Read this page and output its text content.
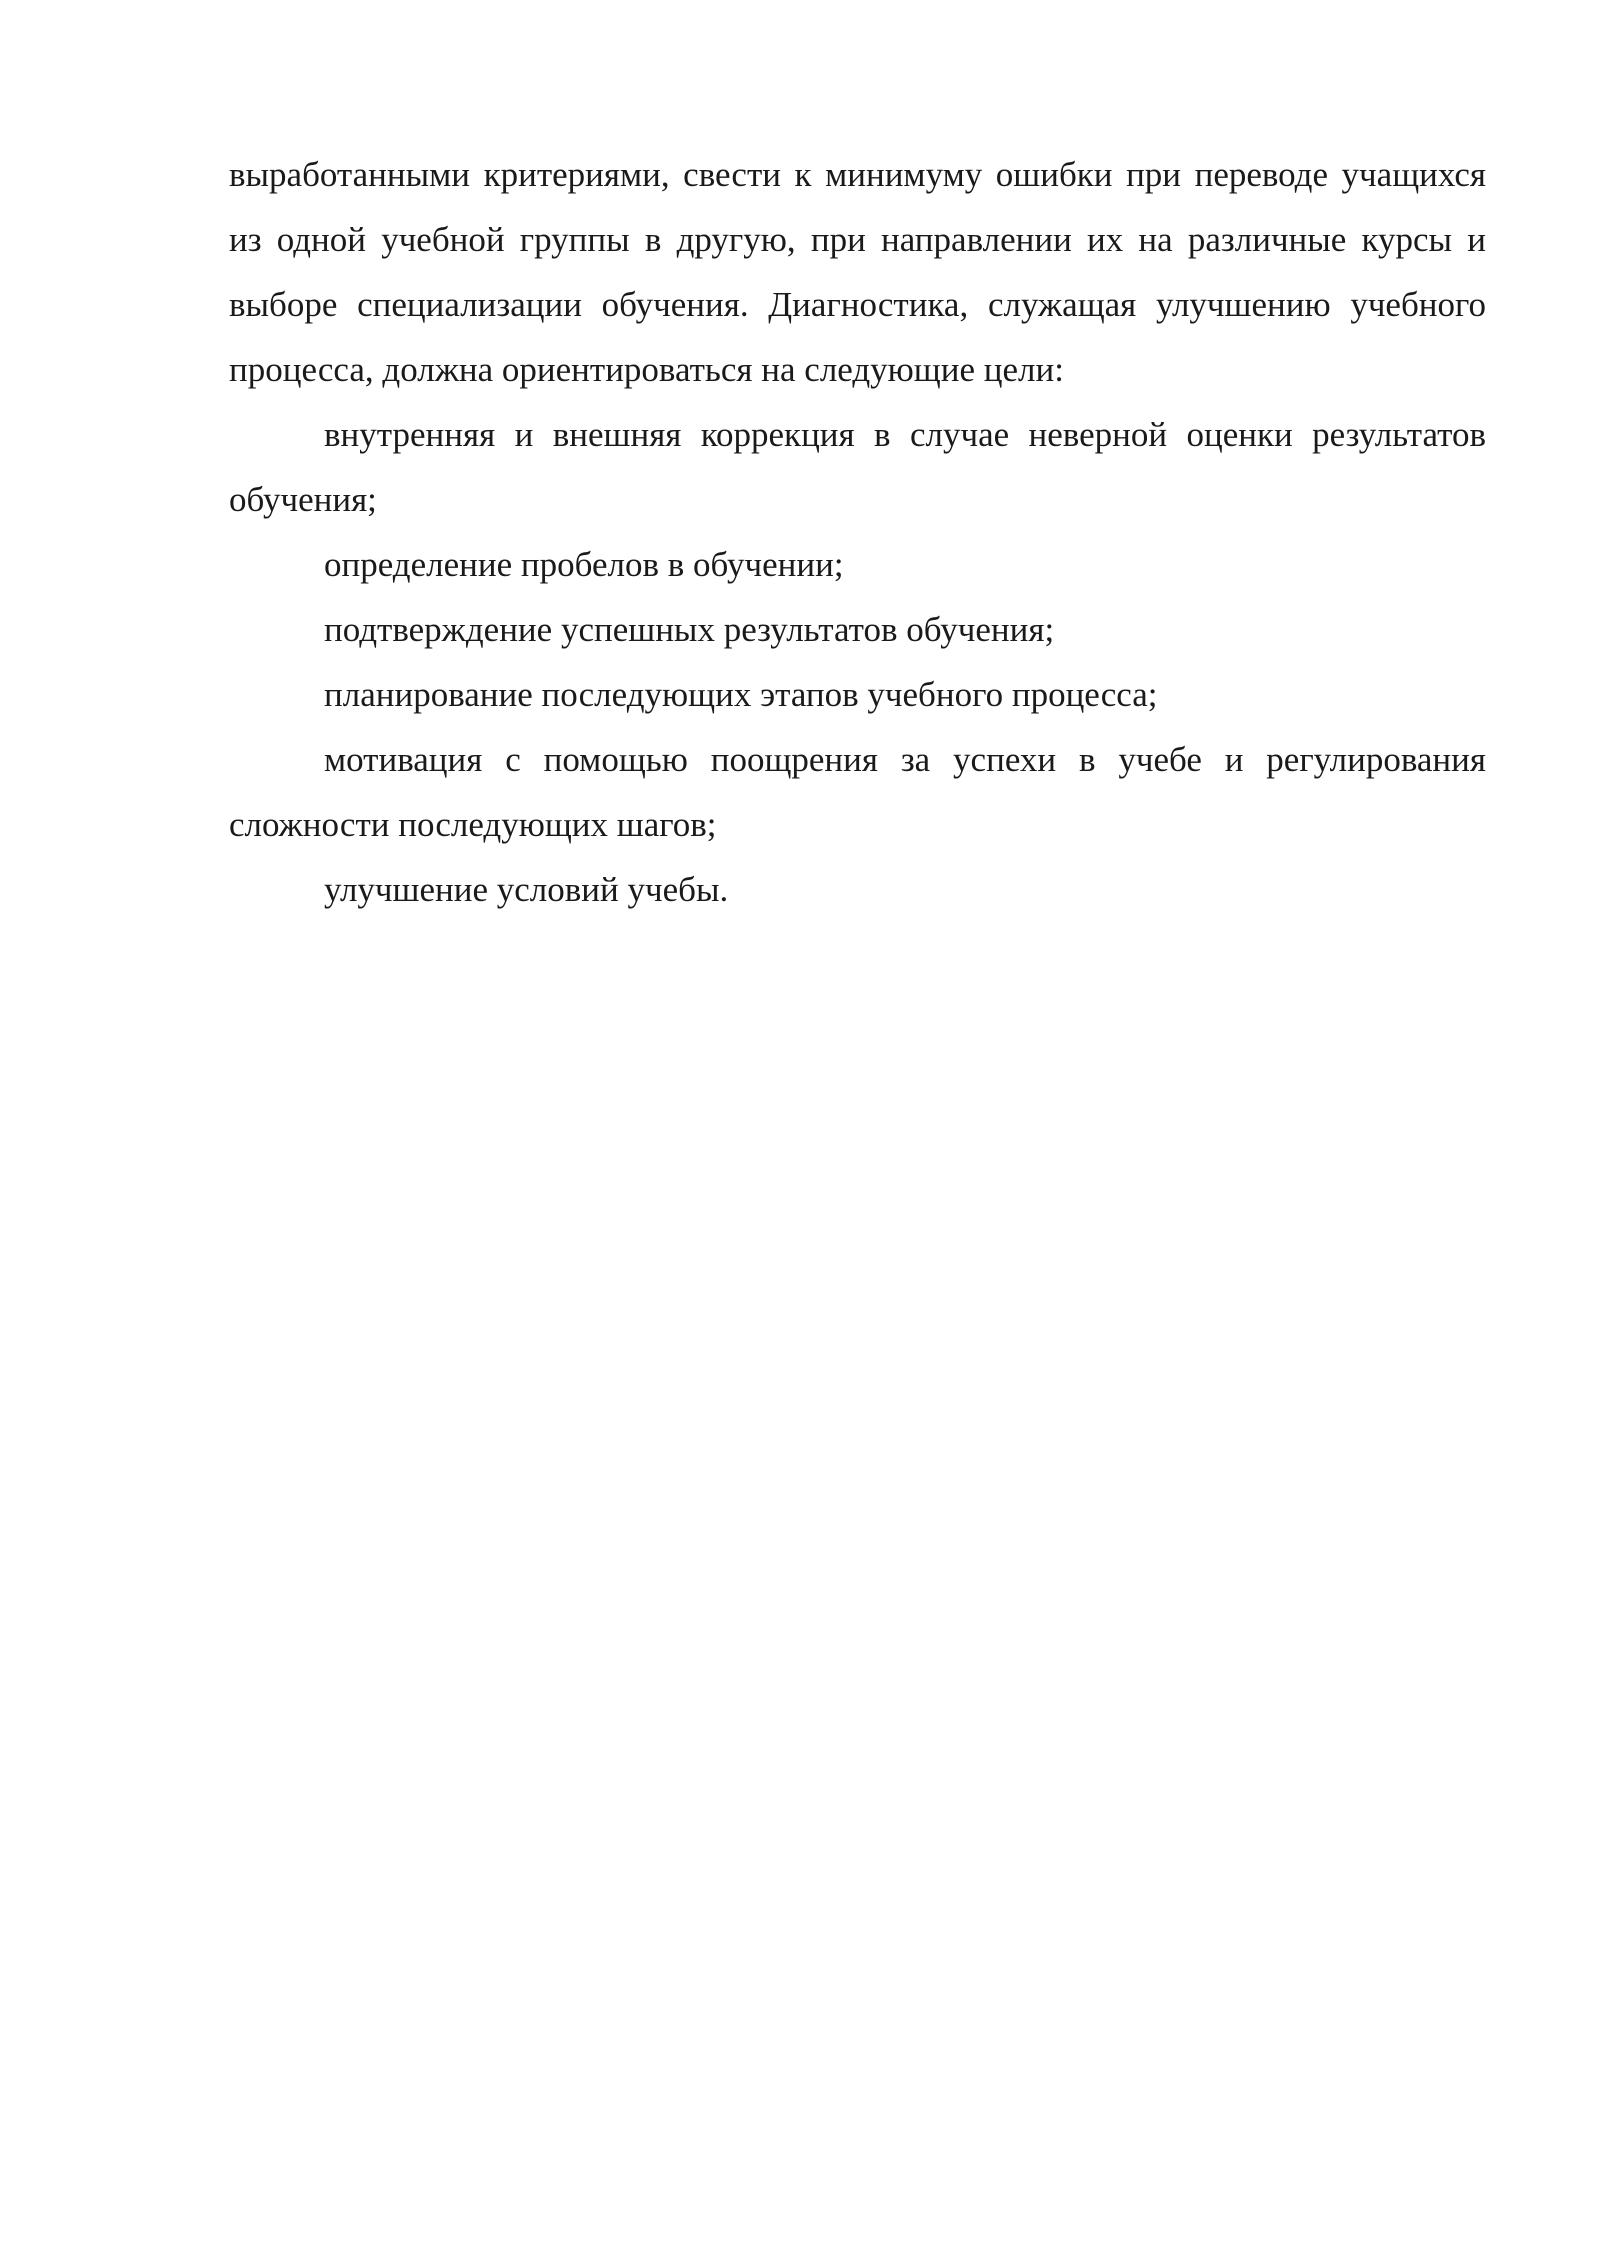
выработанными критериями, свести к минимуму ошибки при переводе учащихся из одной учебной группы в другую, при направлении их на различные курсы и выборе специализации обучения. Диагностика, служащая улучшению учебного процесса, должна ориентироваться на следующие цели:

внутренняя и внешняя коррекция в случае неверной оценки результатов обучения;

определение пробелов в обучении;

подтверждение успешных результатов обучения;

планирование последующих этапов учебного процесса;

мотивация с помощью поощрения за успехи в учебе и регулирования сложности последующих шагов;

улучшение условий учебы.
